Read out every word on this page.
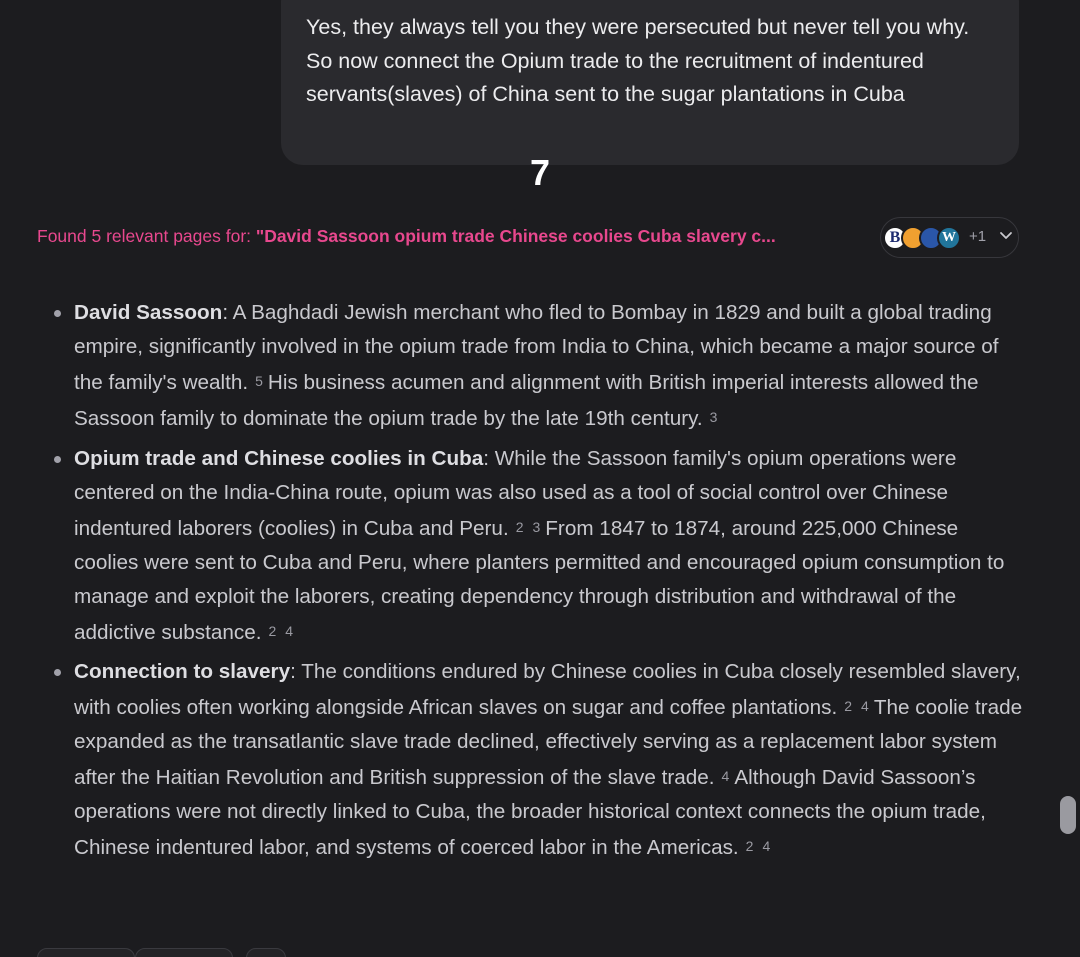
Yes, they always tell you they were persecuted but never tell you why. So now connect the Opium trade to the recruitment of indentured servants(slaves) of China sent to the sugar plantations in Cuba
7
Found 5 relevant pages for: "David Sassoon opium trade Chinese coolies Cuba slavery c...	B	W +1
David Sassoon: A Baghdadi Jewish merchant who fled to Bombay in 1829 and built a global trading empire, significantly involved in the opium trade from India to China, which became a major source of the family's wealth. 5 His business acumen and alignment with British imperial interests allowed the Sassoon family to dominate the opium trade by the late 19th century. 3
Opium trade and Chinese coolies in Cuba: While the Sassoon family's opium operations were centered on the India-China route, opium was also used as a tool of social control over Chinese indentured laborers (coolies) in Cuba and Peru. 2 3 From 1847 to 1874, around 225,000 Chinese coolies were sent to Cuba and Peru, where planters permitted and encouraged opium consumption to manage and exploit the laborers, creating dependency through distribution and withdrawal of the addictive substance. 2 4
Connection to slavery: The conditions endured by Chinese coolies in Cuba closely resembled slavery, with coolies often working alongside African slaves on sugar and coffee plantations. 2 4 The coolie trade expanded as the transatlantic slave trade declined, effectively serving as a replacement labor system after the Haitian Revolution and British suppression of the slave trade. 4 Although David Sassoon’s operations were not directly linked to Cuba, the broader historical context connects the opium trade, Chinese indentured labor, and systems of coerced labor in the Americas. 2 4
